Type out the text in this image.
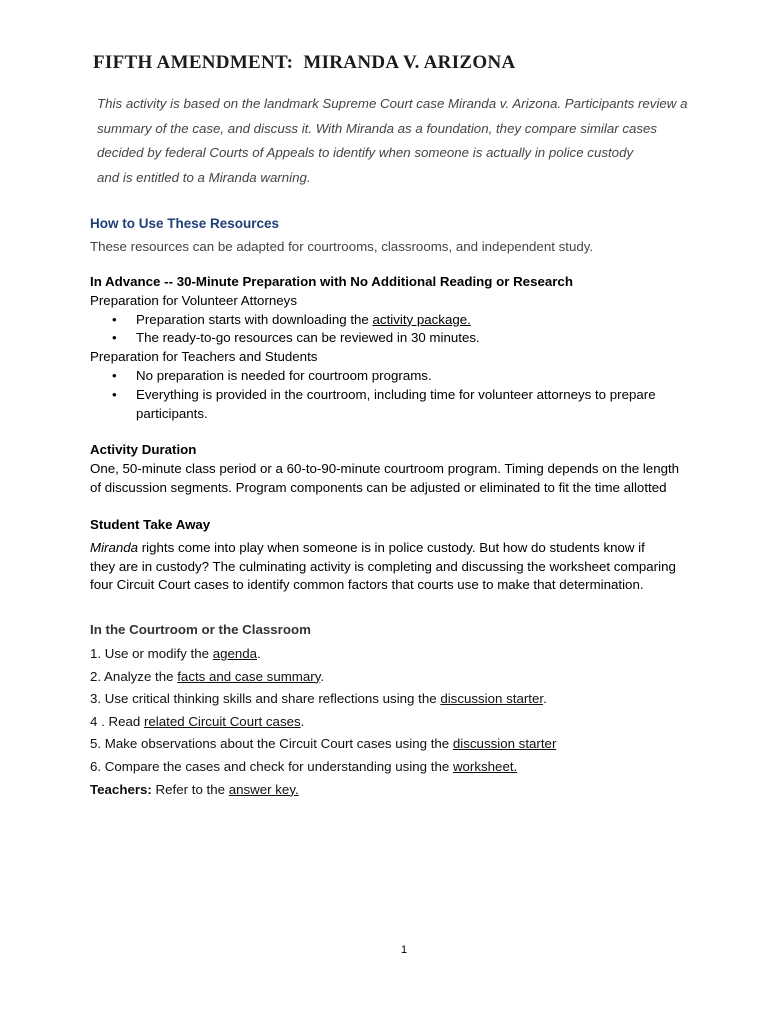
FIFTH AMENDMENT:  MIRANDA V. ARIZONA
This activity is based on the landmark Supreme Court case Miranda v. Arizona. Participants review a
summary of the case, and discuss it. With Miranda as a foundation, they compare similar cases
decided by federal Courts of Appeals to identify when someone is actually in police custody
and is entitled to a Miranda warning.
How to Use These Resources
These resources can be adapted for courtrooms, classrooms, and independent study.
In Advance -- 30-Minute Preparation with No Additional Reading or Research
Preparation for Volunteer Attorneys
•	Preparation starts with downloading the activity package.
•	The ready-to-go resources can be reviewed in 30 minutes.
Preparation for Teachers and Students
•	No preparation is needed for courtroom programs.
•	Everything is provided in the courtroom, including time for volunteer attorneys to prepare
participants.
Activity Duration
One, 50-minute class period or a 60-to-90-minute courtroom program. Timing depends on the length
of discussion segments. Program components can be adjusted or eliminated to fit the time allotted
Student Take Away
Miranda rights come into play when someone is in police custody. But how do students know if
they are in custody? The culminating activity is completing and discussing the worksheet comparing
four Circuit Court cases to identify common factors that courts use to make that determination.
In the Courtroom or the Classroom
1. Use or modify the agenda.
2. Analyze the facts and case summary.
3. Use critical thinking skills and share reflections using the discussion starter.
4 . Read related Circuit Court cases.
5. Make observations about the Circuit Court cases using the discussion starter
6. Compare the cases and check for understanding using the worksheet.
Teachers: Refer to the answer key.
1
